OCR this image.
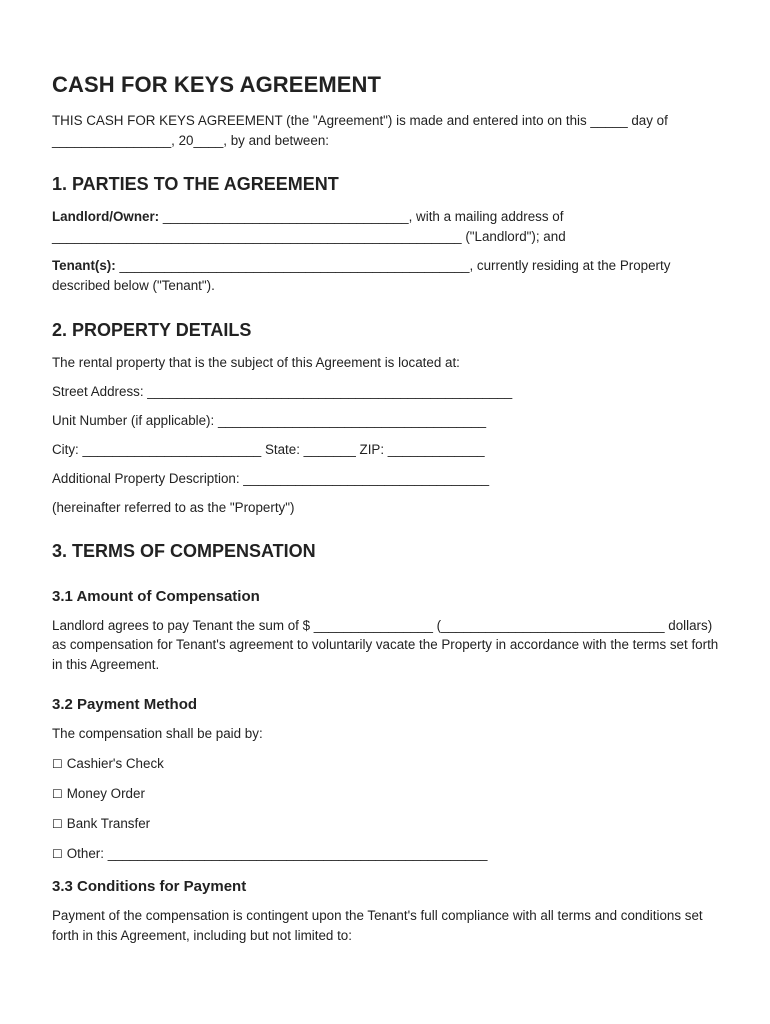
CASH FOR KEYS AGREEMENT

THIS CASH FOR KEYS AGREEMENT (the "Agreement") is made and entered into on this _____ day of ________________, 20____, by and between:

1. PARTIES TO THE AGREEMENT

Landlord/Owner: _________________________________, with a mailing address of _______________________________________________________ ("Landlord"); and

Tenant(s): _______________________________________________, currently residing at the Property described below ("Tenant").

2. PROPERTY DETAILS

The rental property that is the subject of this Agreement is located at:

Street Address: _________________________________________________

Unit Number (if applicable): ____________________________________

City: ________________________ State: _______ ZIP: _____________

Additional Property Description: _________________________________

(hereinafter referred to as the "Property")

3. TERMS OF COMPENSATION
3.1 Amount of Compensation

Landlord agrees to pay Tenant the sum of $ ________________ (______________________________ dollars) as compensation for Tenant's agreement to voluntarily vacate the Property in accordance with the terms set forth in this Agreement.

3.2 Payment Method

The compensation shall be paid by:

☐ Cashier's Check

☐ Money Order

☐ Bank Transfer

☐ Other: ___________________________________________________

3.3 Conditions for Payment

Payment of the compensation is contingent upon the Tenant's full compliance with all terms and conditions set forth in this Agreement, including but not limited to:
